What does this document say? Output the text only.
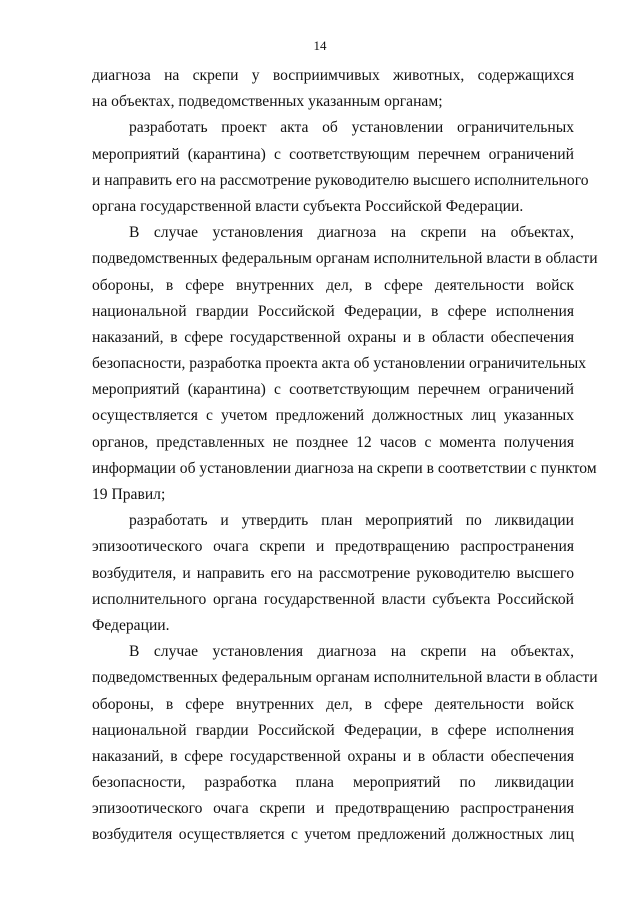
14
диагноза на скрепи у восприимчивых животных, содержащихся
на объектах, подведомственных указанным органам;
разработать проект акта об установлении ограничительных
мероприятий (карантина) с соответствующим перечнем ограничений
и направить его на рассмотрение руководителю высшего исполнительного
органа государственной власти субъекта Российской Федерации.
В случае установления диагноза на скрепи на объектах,
подведомственных федеральным органам исполнительной власти в области
обороны, в сфере внутренних дел, в сфере деятельности войск
национальной гвардии Российской Федерации, в сфере исполнения
наказаний, в сфере государственной охраны и в области обеспечения
безопасности, разработка проекта акта об установлении ограничительных
мероприятий (карантина) с соответствующим перечнем ограничений
осуществляется с учетом предложений должностных лиц указанных
органов, представленных не позднее 12 часов с момента получения
информации об установлении диагноза на скрепи в соответствии с пунктом
19 Правил;
разработать и утвердить план мероприятий по ликвидации
эпизоотического очага скрепи и предотвращению распространения
возбудителя, и направить его на рассмотрение руководителю высшего
исполнительного органа государственной власти субъекта Российской
Федерации.
В случае установления диагноза на скрепи на объектах,
подведомственных федеральным органам исполнительной власти в области
обороны, в сфере внутренних дел, в сфере деятельности войск
национальной гвардии Российской Федерации, в сфере исполнения
наказаний, в сфере государственной охраны и в области обеспечения
безопасности, разработка плана мероприятий по ликвидации
эпизоотического очага скрепи и предотвращению распространения
возбудителя осуществляется с учетом предложений должностных лиц
